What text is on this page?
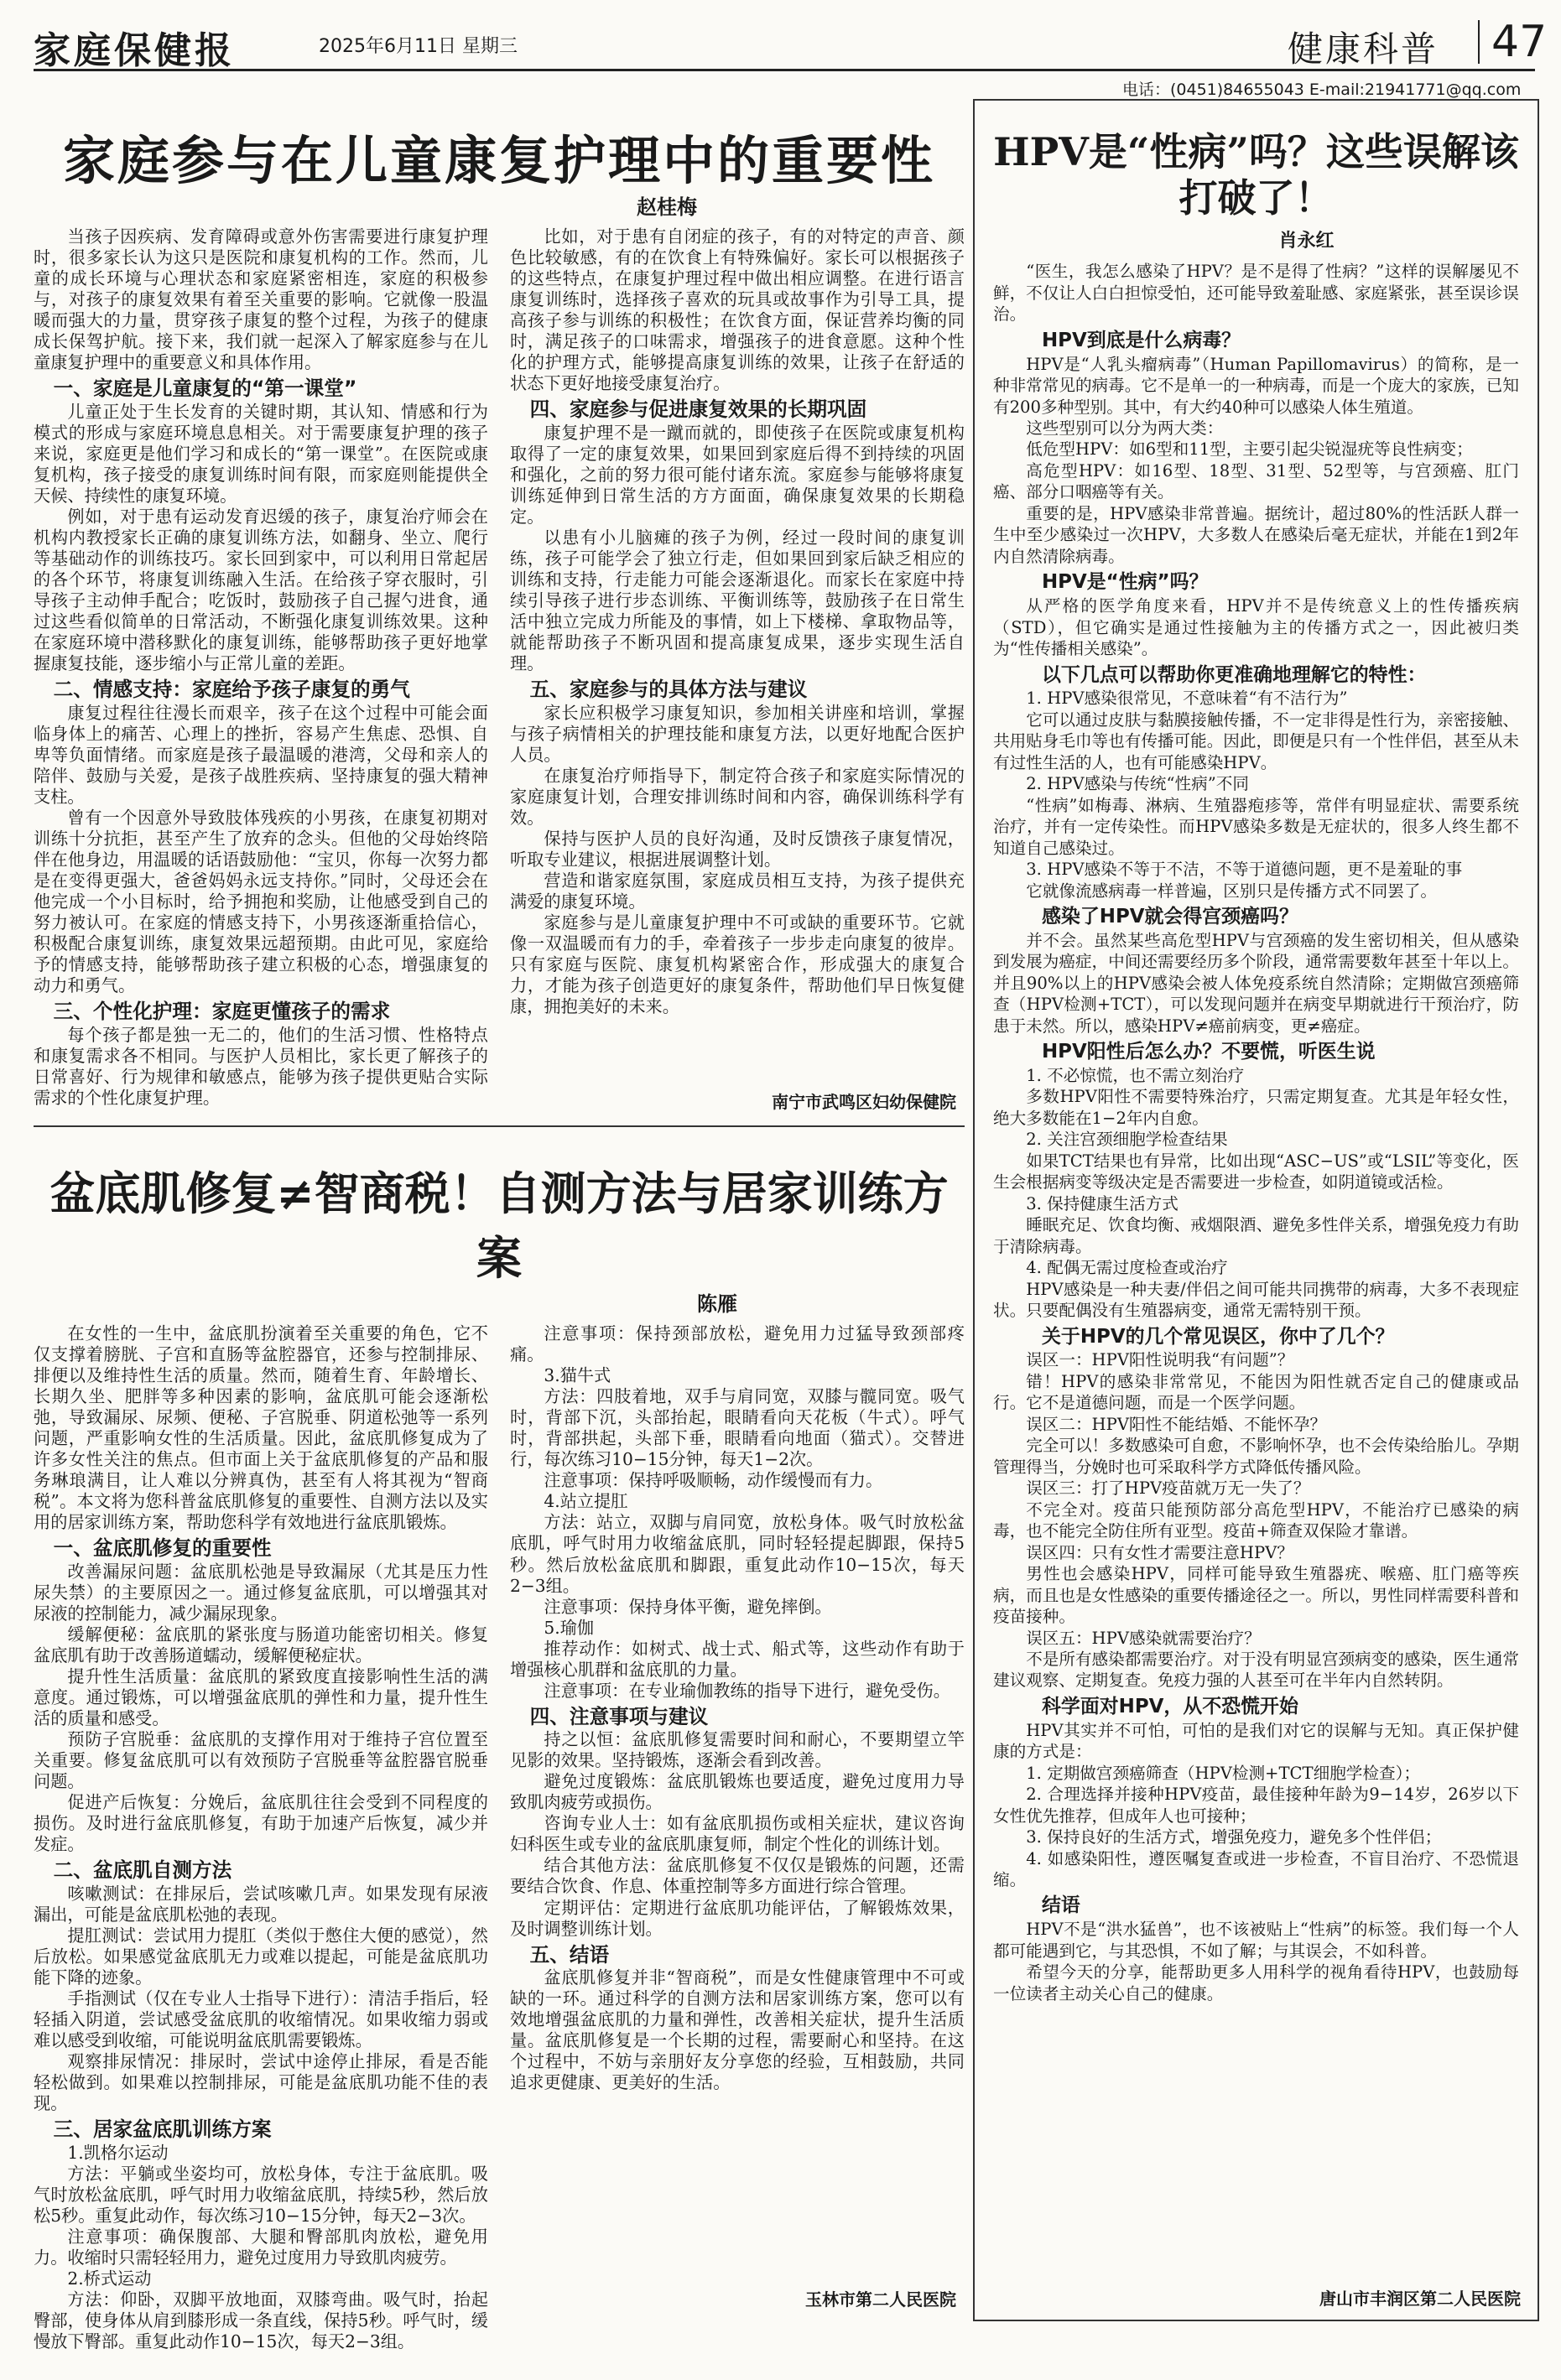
家庭保健报	2025年6月11日 星期三	健康科普 47
电话：(0451)84655043 E-mail:21941771@qq.com
家庭参与在儿童康复护理中的重要性
赵桂梅

当孩子因疾病、发育障碍或意外伤害需要进行康复护理时，很多家长认为这只是医院和康复机构的工作。然而，儿童的成长环境与心理状态和家庭紧密相连，家庭的积极参与，对孩子的康复效果有着至关重要的影响。它就像一股温暖而强大的力量，贯穿孩子康复的整个过程，为孩子的健康成长保驾护航。接下来，我们就一起深入了解家庭参与在儿童康复护理中的重要意义和具体作用。

一、家庭是儿童康复的“第一课堂”

儿童正处于生长发育的关键时期，其认知、情感和行为模式的形成与家庭环境息息相关。对于需要康复护理的孩子来说，家庭更是他们学习和成长的“第一课堂”。在医院或康复机构，孩子接受的康复训练时间有限，而家庭则能提供全天候、持续性的康复环境。

例如，对于患有运动发育迟缓的孩子，康复治疗师会在机构内教授家长正确的康复训练方法，如翻身、坐立、爬行等基础动作的训练技巧。家长回到家中，可以利用日常起居的各个环节，将康复训练融入生活。在给孩子穿衣服时，引导孩子主动伸手配合；吃饭时，鼓励孩子自己握勺进食，通过这些看似简单的日常活动，不断强化康复训练效果。这种在家庭环境中潜移默化的康复训练，能够帮助孩子更好地掌握康复技能，逐步缩小与正常儿童的差距。

二、情感支持：家庭给予孩子康复的勇气

康复过程往往漫长而艰辛，孩子在这个过程中可能会面临身体上的痛苦、心理上的挫折，容易产生焦虑、恐惧、自卑等负面情绪。而家庭是孩子最温暖的港湾，父母和亲人的陪伴、鼓励与关爱，是孩子战胜疾病、坚持康复的强大精神支柱。

曾有一个因意外导致肢体残疾的小男孩，在康复初期对训练十分抗拒，甚至产生了放弃的念头。但他的父母始终陪伴在他身边，用温暖的话语鼓励他：“宝贝，你每一次努力都是在变得更强大，爸爸妈妈永远支持你。”同时，父母还会在他完成一个小目标时，给予拥抱和奖励，让他感受到自己的努力被认可。在家庭的情感支持下，小男孩逐渐重拾信心，积极配合康复训练，康复效果远超预期。由此可见，家庭给予的情感支持，能够帮助孩子建立积极的心态，增强康复的动力和勇气。

三、个性化护理：家庭更懂孩子的需求

每个孩子都是独一无二的，他们的生活习惯、性格特点和康复需求各不相同。与医护人员相比，家长更了解孩子的日常喜好、行为规律和敏感点，能够为孩子提供更贴合实际需求的个性化康复护理。

比如，对于患有自闭症的孩子，有的对特定的声音、颜色比较敏感，有的在饮食上有特殊偏好。家长可以根据孩子的这些特点，在康复护理过程中做出相应调整。在进行语言康复训练时，选择孩子喜欢的玩具或故事作为引导工具，提高孩子参与训练的积极性；在饮食方面，保证营养均衡的同时，满足孩子的口味需求，增强孩子的进食意愿。这种个性化的护理方式，能够提高康复训练的效果，让孩子在舒适的状态下更好地接受康复治疗。

四、家庭参与促进康复效果的长期巩固

康复护理不是一蹴而就的，即使孩子在医院或康复机构取得了一定的康复效果，如果回到家庭后得不到持续的巩固和强化，之前的努力很可能付诸东流。家庭参与能够将康复训练延伸到日常生活的方方面面，确保康复效果的长期稳定。

以患有小儿脑瘫的孩子为例，经过一段时间的康复训练，孩子可能学会了独立行走，但如果回到家后缺乏相应的训练和支持，行走能力可能会逐渐退化。而家长在家庭中持续引导孩子进行步态训练、平衡训练等，鼓励孩子在日常生活中独立完成力所能及的事情，如上下楼梯、拿取物品等，就能帮助孩子不断巩固和提高康复成果，逐步实现生活自理。

五、家庭参与的具体方法与建议

家长应积极学习康复知识，参加相关讲座和培训，掌握与孩子病情相关的护理技能和康复方法，以更好地配合医护人员。

在康复治疗师指导下，制定符合孩子和家庭实际情况的家庭康复计划，合理安排训练时间和内容，确保训练科学有效。

保持与医护人员的良好沟通，及时反馈孩子康复情况，听取专业建议，根据进展调整计划。

营造和谐家庭氛围，家庭成员相互支持，为孩子提供充满爱的康复环境。

家庭参与是儿童康复护理中不可或缺的重要环节。它就像一双温暖而有力的手，牵着孩子一步步走向康复的彼岸。只有家庭与医院、康复机构紧密合作，形成强大的康复合力，才能为孩子创造更好的康复条件，帮助他们早日恢复健康，拥抱美好的未来。

南宁市武鸣区妇幼保健院
盆底肌修复≠智商税！自测方法与居家训练方案
陈雁

在女性的一生中，盆底肌扮演着至关重要的角色，它不仅支撑着膀胱、子宫和直肠等盆腔器官，还参与控制排尿、排便以及维持性生活的质量。然而，随着生育、年龄增长、长期久坐、肥胖等多种因素的影响，盆底肌可能会逐渐松弛，导致漏尿、尿频、便秘、子宫脱垂、阴道松弛等一系列问题，严重影响女性的生活质量。因此，盆底肌修复成为了许多女性关注的焦点。但市面上关于盆底肌修复的产品和服务琳琅满目，让人难以分辨真伪，甚至有人将其视为“智商税”。本文将为您科普盆底肌修复的重要性、自测方法以及实用的居家训练方案，帮助您科学有效地进行盆底肌锻炼。

一、盆底肌修复的重要性

改善漏尿问题：盆底肌松弛是导致漏尿（尤其是压力性尿失禁）的主要原因之一。通过修复盆底肌，可以增强其对尿液的控制能力，减少漏尿现象。

缓解便秘：盆底肌的紧张度与肠道功能密切相关。修复盆底肌有助于改善肠道蠕动，缓解便秘症状。

提升性生活质量：盆底肌的紧致度直接影响性生活的满意度。通过锻炼，可以增强盆底肌的弹性和力量，提升性生活的质量和感受。

预防子宫脱垂：盆底肌的支撑作用对于维持子宫位置至关重要。修复盆底肌可以有效预防子宫脱垂等盆腔器官脱垂问题。

促进产后恢复：分娩后，盆底肌往往会受到不同程度的损伤。及时进行盆底肌修复，有助于加速产后恢复，减少并发症。

二、盆底肌自测方法

咳嗽测试：在排尿后，尝试咳嗽几声。如果发现有尿液漏出，可能是盆底肌松弛的表现。

提肛测试：尝试用力提肛（类似于憋住大便的感觉），然后放松。如果感觉盆底肌无力或难以提起，可能是盆底肌功能下降的迹象。

手指测试（仅在专业人士指导下进行）：清洁手指后，轻轻插入阴道，尝试感受盆底肌的收缩情况。如果收缩力弱或难以感受到收缩，可能说明盆底肌需要锻炼。

观察排尿情况：排尿时，尝试中途停止排尿，看是否能轻松做到。如果难以控制排尿，可能是盆底肌功能不佳的表现。

三、居家盆底肌训练方案
1.凯格尔运动

方法：平躺或坐姿均可，放松身体，专注于盆底肌。吸气时放松盆底肌，呼气时用力收缩盆底肌，持续5秒，然后放松5秒。重复此动作，每次练习10−15分钟，每天2−3次。

注意事项：确保腹部、大腿和臀部肌肉放松，避免用力。收缩时只需轻轻用力，避免过度用力导致肌肉疲劳。

2.桥式运动

方法：仰卧，双脚平放地面，双膝弯曲。吸气时，抬起臀部，使身体从肩到膝形成一条直线，保持5秒。呼气时，缓慢放下臀部。重复此动作10−15次，每天2−3组。

注意事项：保持颈部放松，避免用力过猛导致颈部疼痛。

3.猫牛式

方法：四肢着地，双手与肩同宽，双膝与髋同宽。吸气时，背部下沉，头部抬起，眼睛看向天花板（牛式）。呼气时，背部拱起，头部下垂，眼睛看向地面（猫式）。交替进行，每次练习10−15分钟，每天1−2次。

注意事项：保持呼吸顺畅，动作缓慢而有力。

4.站立提肛

方法：站立，双脚与肩同宽，放松身体。吸气时放松盆底肌，呼气时用力收缩盆底肌，同时轻轻提起脚跟，保持5秒。然后放松盆底肌和脚跟，重复此动作10−15次，每天2−3组。

注意事项：保持身体平衡，避免摔倒。

5.瑜伽

推荐动作：如树式、战士式、船式等，这些动作有助于增强核心肌群和盆底肌的力量。

注意事项：在专业瑜伽教练的指导下进行，避免受伤。

四、注意事项与建议

持之以恒：盆底肌修复需要时间和耐心，不要期望立竿见影的效果。坚持锻炼，逐渐会看到改善。

避免过度锻炼：盆底肌锻炼也要适度，避免过度用力导致肌肉疲劳或损伤。

咨询专业人士：如有盆底肌损伤或相关症状，建议咨询妇科医生或专业的盆底肌康复师，制定个性化的训练计划。

结合其他方法：盆底肌修复不仅仅是锻炼的问题，还需要结合饮食、作息、体重控制等多方面进行综合管理。

定期评估：定期进行盆底肌功能评估，了解锻炼效果，及时调整训练计划。

五、结语

盆底肌修复并非“智商税”，而是女性健康管理中不可或缺的一环。通过科学的自测方法和居家训练方案，您可以有效地增强盆底肌的力量和弹性，改善相关症状，提升生活质量。盆底肌修复是一个长期的过程，需要耐心和坚持。在这个过程中，不妨与亲朋好友分享您的经验，互相鼓励，共同追求更健康、更美好的生活。

玉林市第二人民医院
HPV是“性病”吗？这些误解该打破了！
肖永红

“医生，我怎么感染了HPV？是不是得了性病？”这样的误解屡见不鲜，不仅让人白白担惊受怕，还可能导致羞耻感、家庭紧张，甚至误诊误治。

HPV到底是什么病毒？

HPV是“人乳头瘤病毒”（Human Papillomavirus）的简称，是一种非常常见的病毒。它不是单一的一种病毒，而是一个庞大的家族，已知有200多种型别。其中，有大约40种可以感染人体生殖道。

这些型别可以分为两大类：

低危型HPV：如6型和11型，主要引起尖锐湿疣等良性病变；

高危型HPV：如16型、18型、31型、52型等，与宫颈癌、肛门癌、部分口咽癌等有关。

重要的是，HPV感染非常普遍。据统计，超过80%的性活跃人群一生中至少感染过一次HPV，大多数人在感染后毫无症状，并能在1到2年内自然清除病毒。

HPV是“性病”吗？

从严格的医学角度来看，HPV并不是传统意义上的性传播疾病（STD），但它确实是通过性接触为主的传播方式之一，因此被归类为“性传播相关感染”。

以下几点可以帮助你更准确地理解它的特性：

1. HPV感染很常见，不意味着“有不洁行为”

它可以通过皮肤与黏膜接触传播，不一定非得是性行为，亲密接触、共用贴身毛巾等也有传播可能。因此，即便是只有一个性伴侣，甚至从未有过性生活的人，也有可能感染HPV。

2. HPV感染与传统“性病”不同

“性病”如梅毒、淋病、生殖器疱疹等，常伴有明显症状、需要系统治疗，并有一定传染性。而HPV感染多数是无症状的，很多人终生都不知道自己感染过。

3. HPV感染不等于不洁，不等于道德问题，更不是羞耻的事

它就像流感病毒一样普遍，区别只是传播方式不同罢了。

感染了HPV就会得宫颈癌吗？

并不会。虽然某些高危型HPV与宫颈癌的发生密切相关，但从感染到发展为癌症，中间还需要经历多个阶段，通常需要数年甚至十年以上。并且90%以上的HPV感染会被人体免疫系统自然清除；定期做宫颈癌筛查（HPV检测+TCT），可以发现问题并在病变早期就进行干预治疗，防患于未然。所以，感染HPV≠癌前病变，更≠癌症。

HPV阳性后怎么办？不要慌，听医生说

1. 不必惊慌，也不需立刻治疗

多数HPV阳性不需要特殊治疗，只需定期复查。尤其是年轻女性，绝大多数能在1−2年内自愈。

2. 关注宫颈细胞学检查结果

如果TCT结果也有异常，比如出现“ASC−US”或“LSIL”等变化，医生会根据病变等级决定是否需要进一步检查，如阴道镜或活检。

3. 保持健康生活方式

睡眠充足、饮食均衡、戒烟限酒、避免多性伴关系，增强免疫力有助于清除病毒。

4. 配偶无需过度检查或治疗

HPV感染是一种夫妻/伴侣之间可能共同携带的病毒，大多不表现症状。只要配偶没有生殖器病变，通常无需特别干预。

关于HPV的几个常见误区，你中了几个？

误区一：HPV阳性说明我“有问题”？

错！HPV的感染非常常见，不能因为阳性就否定自己的健康或品行。它不是道德问题，而是一个医学问题。

误区二：HPV阳性不能结婚、不能怀孕？

完全可以！多数感染可自愈，不影响怀孕，也不会传染给胎儿。孕期管理得当，分娩时也可采取科学方式降低传播风险。

误区三：打了HPV疫苗就万无一失了？

不完全对。疫苗只能预防部分高危型HPV，不能治疗已感染的病毒，也不能完全防住所有亚型。疫苗+筛查双保险才靠谱。

误区四：只有女性才需要注意HPV？

男性也会感染HPV，同样可能导致生殖器疣、喉癌、肛门癌等疾病，而且也是女性感染的重要传播途径之一。所以，男性同样需要科普和疫苗接种。

误区五：HPV感染就需要治疗？

不是所有感染都需要治疗。对于没有明显宫颈病变的感染，医生通常建议观察、定期复查。免疫力强的人甚至可在半年内自然转阴。

科学面对HPV，从不恐慌开始

HPV其实并不可怕，可怕的是我们对它的误解与无知。真正保护健康的方式是：

1. 定期做宫颈癌筛查（HPV检测+TCT细胞学检查）；

2. 合理选择并接种HPV疫苗，最佳接种年龄为9−14岁，26岁以下女性优先推荐，但成年人也可接种；

3. 保持良好的生活方式，增强免疫力，避免多个性伴侣；

4. 如感染阳性，遵医嘱复查或进一步检查，不盲目治疗、不恐慌退缩。

结语

HPV不是“洪水猛兽”，也不该被贴上“性病”的标签。我们每一个人都可能遇到它，与其恐惧，不如了解；与其误会，不如科普。

希望今天的分享，能帮助更多人用科学的视角看待HPV，也鼓励每一位读者主动关心自己的健康。

唐山市丰润区第二人民医院
